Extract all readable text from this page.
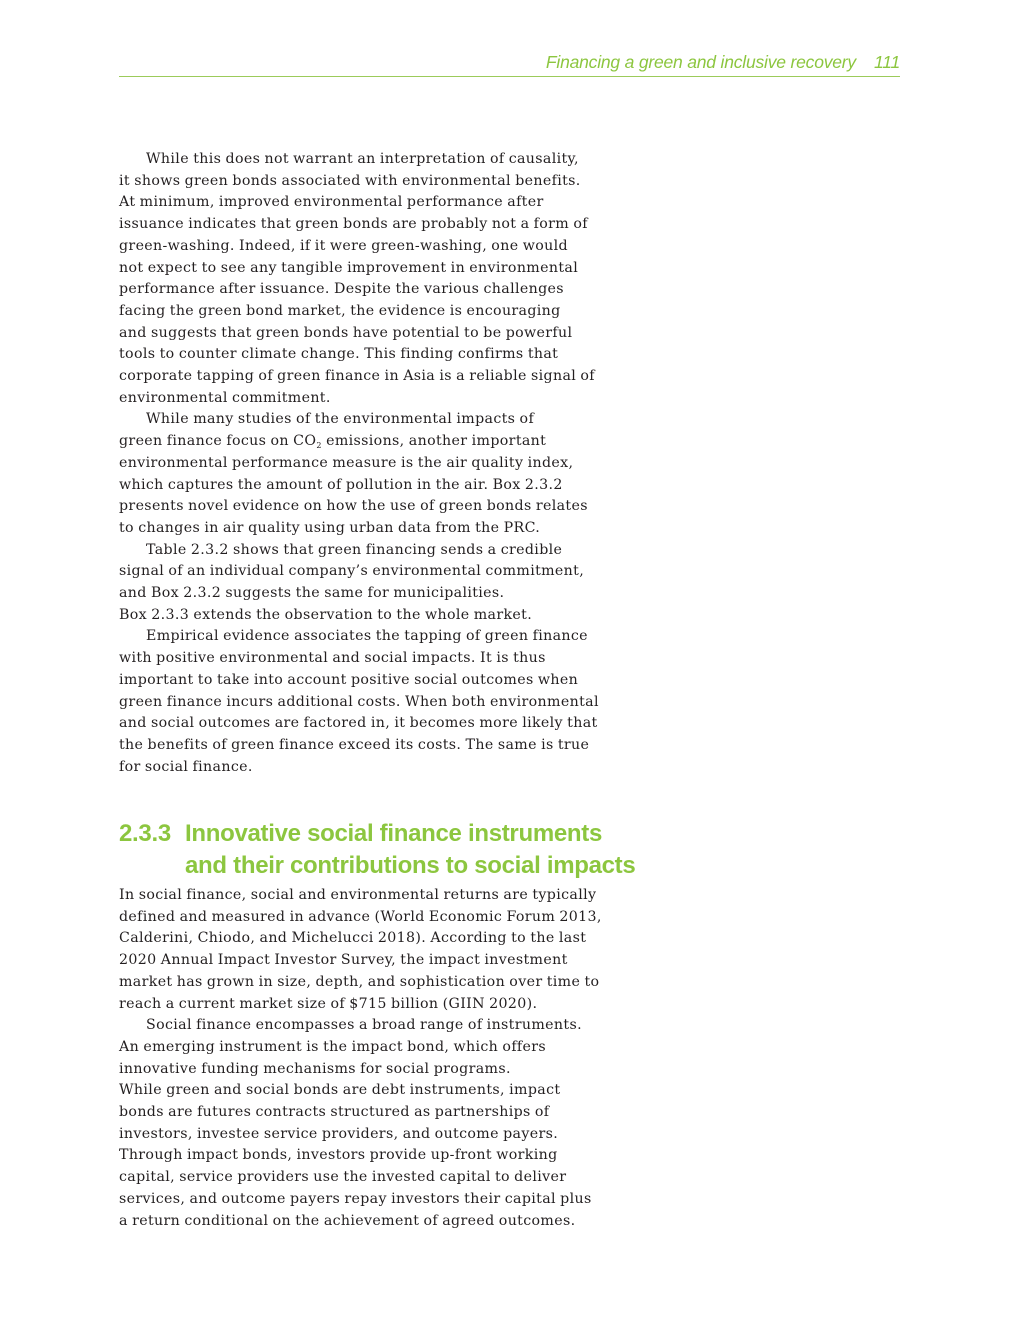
Financing a green and inclusive recovery 111
While this does not warrant an interpretation of causality,
it shows green bonds associated with environmental benefits.
At minimum, improved environmental performance after
issuance indicates that green bonds are probably not a form of
green-washing. Indeed, if it were green-washing, one would
not expect to see any tangible improvement in environmental
performance after issuance. Despite the various challenges
facing the green bond market, the evidence is encouraging
and suggests that green bonds have potential to be powerful
tools to counter climate change. This finding confirms that
corporate tapping of green finance in Asia is a reliable signal of
environmental commitment.
While many studies of the environmental impacts of
green finance focus on $CO_2$ emissions, another important
environmental performance measure is the air quality index,
which captures the amount of pollution in the air. Box 2.3.2
presents novel evidence on how the use of green bonds relates
to changes in air quality using urban data from the PRC.
Table 2.3.2 shows that green financing sends a credible
signal of an individual company’s environmental commitment,
and Box 2.3.2 suggests the same for municipalities.
Box 2.3.3 extends the observation to the whole market.
Empirical evidence associates the tapping of green finance
with positive environmental and social impacts. It is thus
important to take into account positive social outcomes when
green finance incurs additional costs. When both environmental
and social outcomes are factored in, it becomes more likely that
the benefits of green finance exceed its costs. The same is true
for social finance.
2.3.3 Innovative social finance instruments
and their contributions to social impacts
In social finance, social and environmental returns are typically
defined and measured in advance (World Economic Forum 2013,
Calderini, Chiodo, and Michelucci 2018). According to the last
2020 Annual Impact Investor Survey, the impact investment
market has grown in size, depth, and sophistication over time to
reach a current market size of $715 billion (GIIN 2020).
Social finance encompasses a broad range of instruments.
An emerging instrument is the impact bond, which offers
innovative funding mechanisms for social programs.
While green and social bonds are debt instruments, impact
bonds are futures contracts structured as partnerships of
investors, investee service providers, and outcome payers.
Through impact bonds, investors provide up-front working
capital, service providers use the invested capital to deliver
services, and outcome payers repay investors their capital plus
a return conditional on the achievement of agreed outcomes.
